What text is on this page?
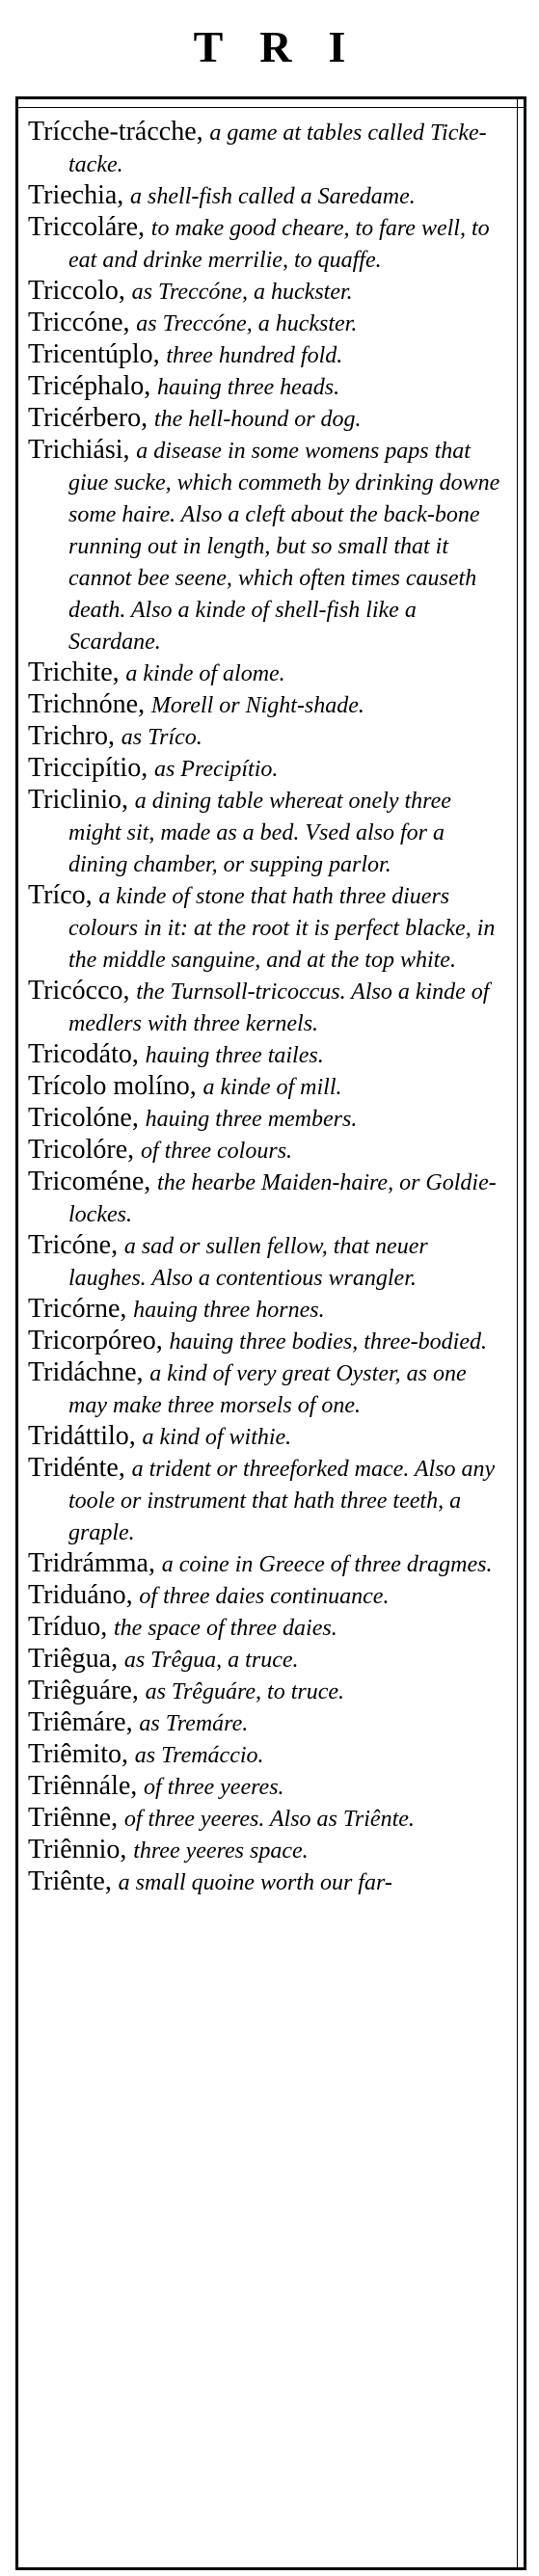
TRI
Trícche-trácche, a game at tables called Ticke-tacke.
Triechia, a shell-fish called a Saredame.
Triccoláre, to make good cheare, to fare well, to eat and drinke merrilie, to quaffe.
Triccolo, as Treccóne, a huckster.
Triccóne, as Treccóne, a huckster.
Tricentúplo, three hundred fold.
Tricéphalo, hauing three heads.
Tricérbero, the hell-hound or dog.
Trichiási, a disease in some womens paps that giue sucke, which commeth by drinking downe some haire. Also a cleft about the back-bone running out in length, but so small that it cannot bee seene, which often times causeth death. Also a kinde of shell-fish like a Scardane.
Trichite, a kinde of alome.
Trichnóne, Morell or Night-shade.
Trichro, as Tríco.
Triccipítio, as Precipítio.
Triclinio, a dining table whereat onely three might sit, made as a bed. Vsed also for a dining chamber, or supping parlor.
Tríco, a kinde of stone that hath three diuers colours in it: at the root it is perfect blacke, in the middle sanguine, and at the top white.
Tricócco, the Turnsoll-tricoccus. Also a kinde of medlers with three kernels.
Tricodáto, hauing three tailes.
Trícolo molíno, a kinde of mill.
Tricolóne, hauing three members.
Tricolóre, of three colours.
Tricoméne, the hearbe Maiden-haire, or Goldie-lockes.
Tricóne, a sad or sullen fellow, that neuer laughes. Also a contentious wrangler.
Tricórne, hauing three hornes.
Tricorpóreo, hauing three bodies, three-bodied.
Tridáchne, a kind of very great Oyster, as one may make three morsels of one.
Tridáttilo, a kind of withie.
Tridénte, a trident or threeforked mace. Also any toole or instrument that hath three teeth, a graple.
Tridrámma, a coine in Greece of three dragmes.
Triduáno, of three daies continuance.
Tríduo, the space of three daies.
Triêgua, as Trêgua, a truce.
Triêguáre, as Trêguáre, to truce.
Triêmáre, as Tremáre.
Triêmito, as Tremáccio.
Triênnále, of three yeeres.
Triênne, of three yeeres. Also as Triênte.
Triênnio, three yeeres space.
Triênte, a small quoine worth our far-
